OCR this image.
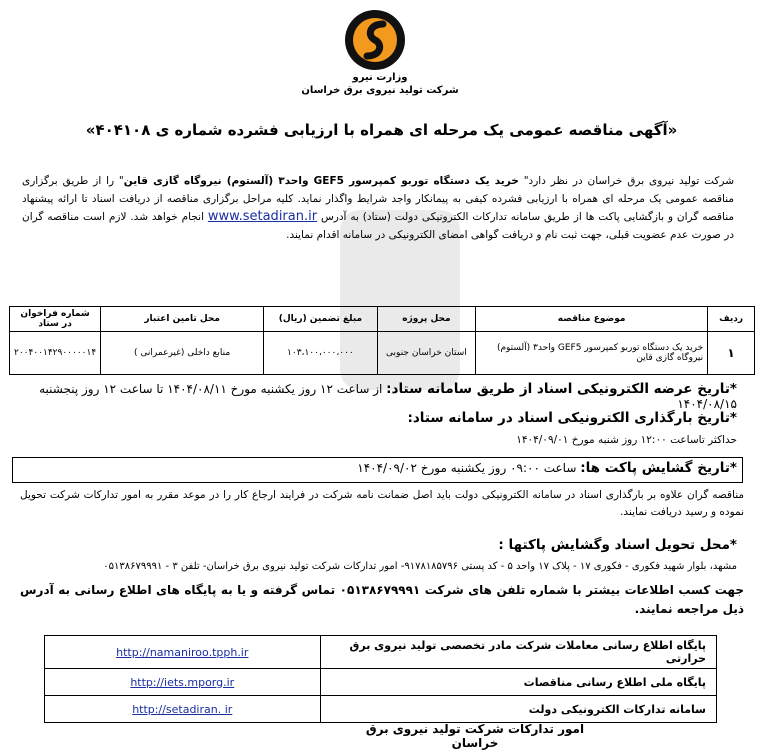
وزارت نیرو
شرکت تولید نیروی برق خراسان
«آگهی مناقصه عمومی یک مرحله ای همراه با ارزیابی فشرده شماره ی ۴۰۴۱۰۸»
شرکت تولید نیروی برق خراسان در نظر دارد" خرید یک دستگاه توربو کمپرسور GEF5 واحد۳ (آلستوم) نیروگاه گازی قاین" را از طریق برگزاری مناقصه عمومی یک مرحله ای همراه با ارزیابی فشرده کیفی به پیمانکار واجد شرایط واگذار نماید. کلیه مراحل برگزاری مناقصه از دریافت اسناد تا ارائه پیشنهاد مناقصه گران و بازگشایی پاکت ها از طریق سامانه تدارکات الکترونیکی دولت (ستاد) به آدرس www.setadiran.ir انجام خواهد شد. لازم است مناقصه گران در صورت عدم عضویت قبلی، جهت ثبت نام و دریافت گواهی امضای الکترونیکی در سامانه اقدام نمایند.
ردیف	موضوع مناقصه	محل پروژه	مبلغ تضمین (ریال)	محل تامین اعتبار	شماره فراخوان در ستاد
۱	خرید یک دستگاه توربو کمپرسور GEF5 واحد۳ (آلستوم) نیروگاه گازی قاین	استان خراسان جنوبی	۱۰۳،۱۰۰،۰۰۰،۰۰۰	منابع داخلی (غیرعمرانی )	۲۰۰۴۰۰۱۴۲۹۰۰۰۰۰۱۴
*تاریخ عرضه الکترونیکی اسناد از طریق سامانه ستاد: از ساعت ۱۲ روز یکشنبه مورخ ۱۴۰۴/۰۸/۱۱ تا ساعت ۱۲ روز پنجشنبه ۱۴۰۴/۰۸/۱۵
*تاریخ بارگذاری الکترونیکی اسناد در سامانه ستاد:
حداکثر تاساعت ۱۲:۰۰ روز شنبه مورخ ۱۴۰۴/۰۹/۰۱
*تاریخ گشایش پاکت ها: ساعت ۰۹:۰۰ روز یکشنبه مورخ ۱۴۰۴/۰۹/۰۲
مناقصه گران علاوه بر بارگذاری اسناد در سامانه الکترونیکی دولت باید اصل ضمانت نامه شرکت در فرایند ارجاع کار را در موعد مقرر به امور تدارکات شرکت تحویل نموده و رسید دریافت نمایند.
*محل تحویل اسناد وگشایش پاکتها :
مشهد، بلوار شهید فکوری - فکوری ۱۷ - پلاک ۱۷ واحد ۵ - کد پستی ۹۱۷۸۱۸۵۷۹۶- امور تدارکات شرکت تولید نیروی برق خراسان- تلفن ۳ - ۰۵۱۳۸۶۷۹۹۹۱
جهت کسب اطلاعات بیشتر با شماره تلفن های شرکت ۰۵۱۳۸۶۷۹۹۹۱ تماس گرفته و یا به پایگاه های اطلاع رسانی به آدرس ذیل مراجعه نمایند.
پایگاه اطلاع رسانی معاملات شرکت مادر تخصصی تولید نیروی برق حرارتی	http://namaniroo.tpph.ir
پایگاه ملی اطلاع رسانی مناقصات	http://iets.mporg.ir
سامانه تدارکات الکترونیکی دولت	http://setadiran. ir
امور تدارکات شرکت تولید نیروی برق خراسان
